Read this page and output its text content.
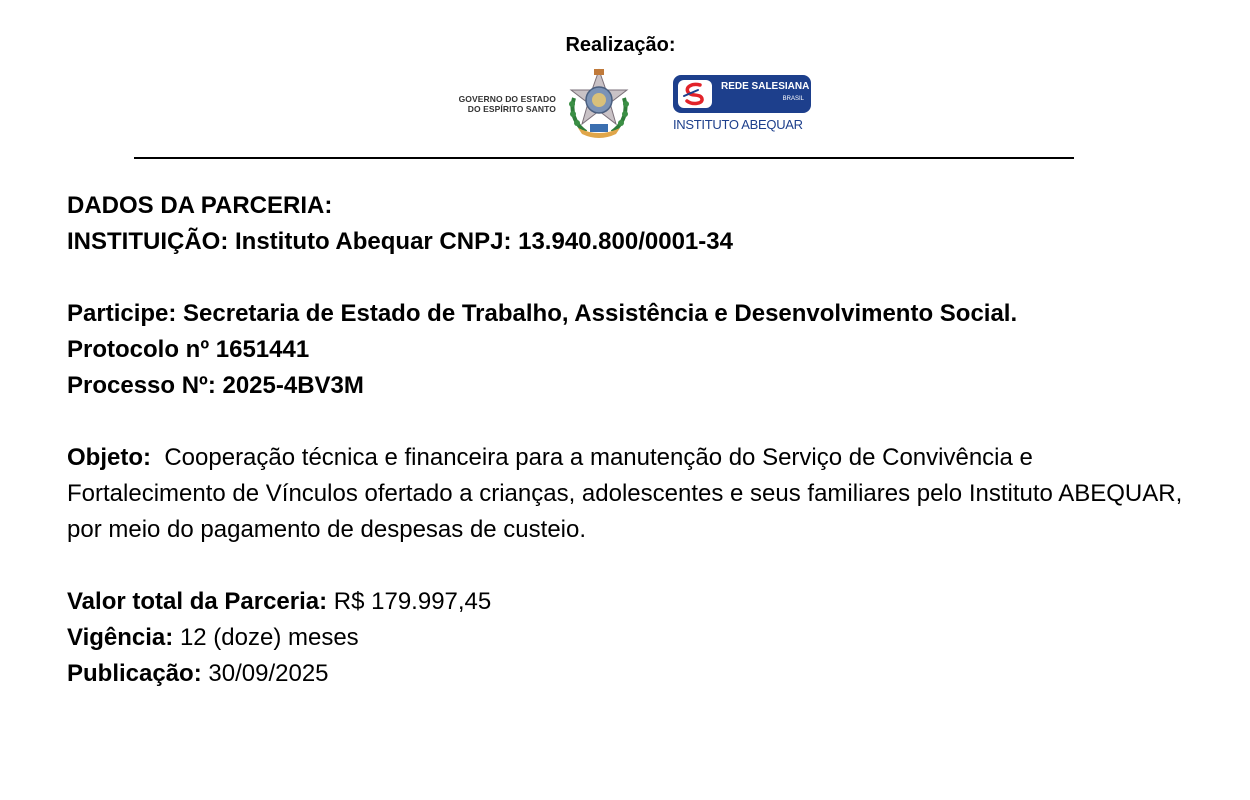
Realização:
GOVERNO DO ESTADO
DO ESPÍRITO SANTO
REDE SALESIANA
BRASIL
INSTITUTO ABEQUAR

DADOS DA PARCERIA:

INSTITUIÇÃO: Instituto Abequar CNPJ: 13.940.800/0001-34

Participe: Secretaria de Estado de Trabalho, Assistência e Desenvolvimento Social.

Protocolo nº 1651441

Processo Nº: 2025-4BV3M

Objeto: Cooperação técnica e financeira para a manutenção do Serviço de Convivência e Fortalecimento de Vínculos ofertado a crianças, adolescentes e seus familiares pelo Instituto ABEQUAR, por meio do pagamento de despesas de custeio.

Valor total da Parceria: R$ 179.997,45

Vigência: 12 (doze) meses

Publicação: 30/09/2025
